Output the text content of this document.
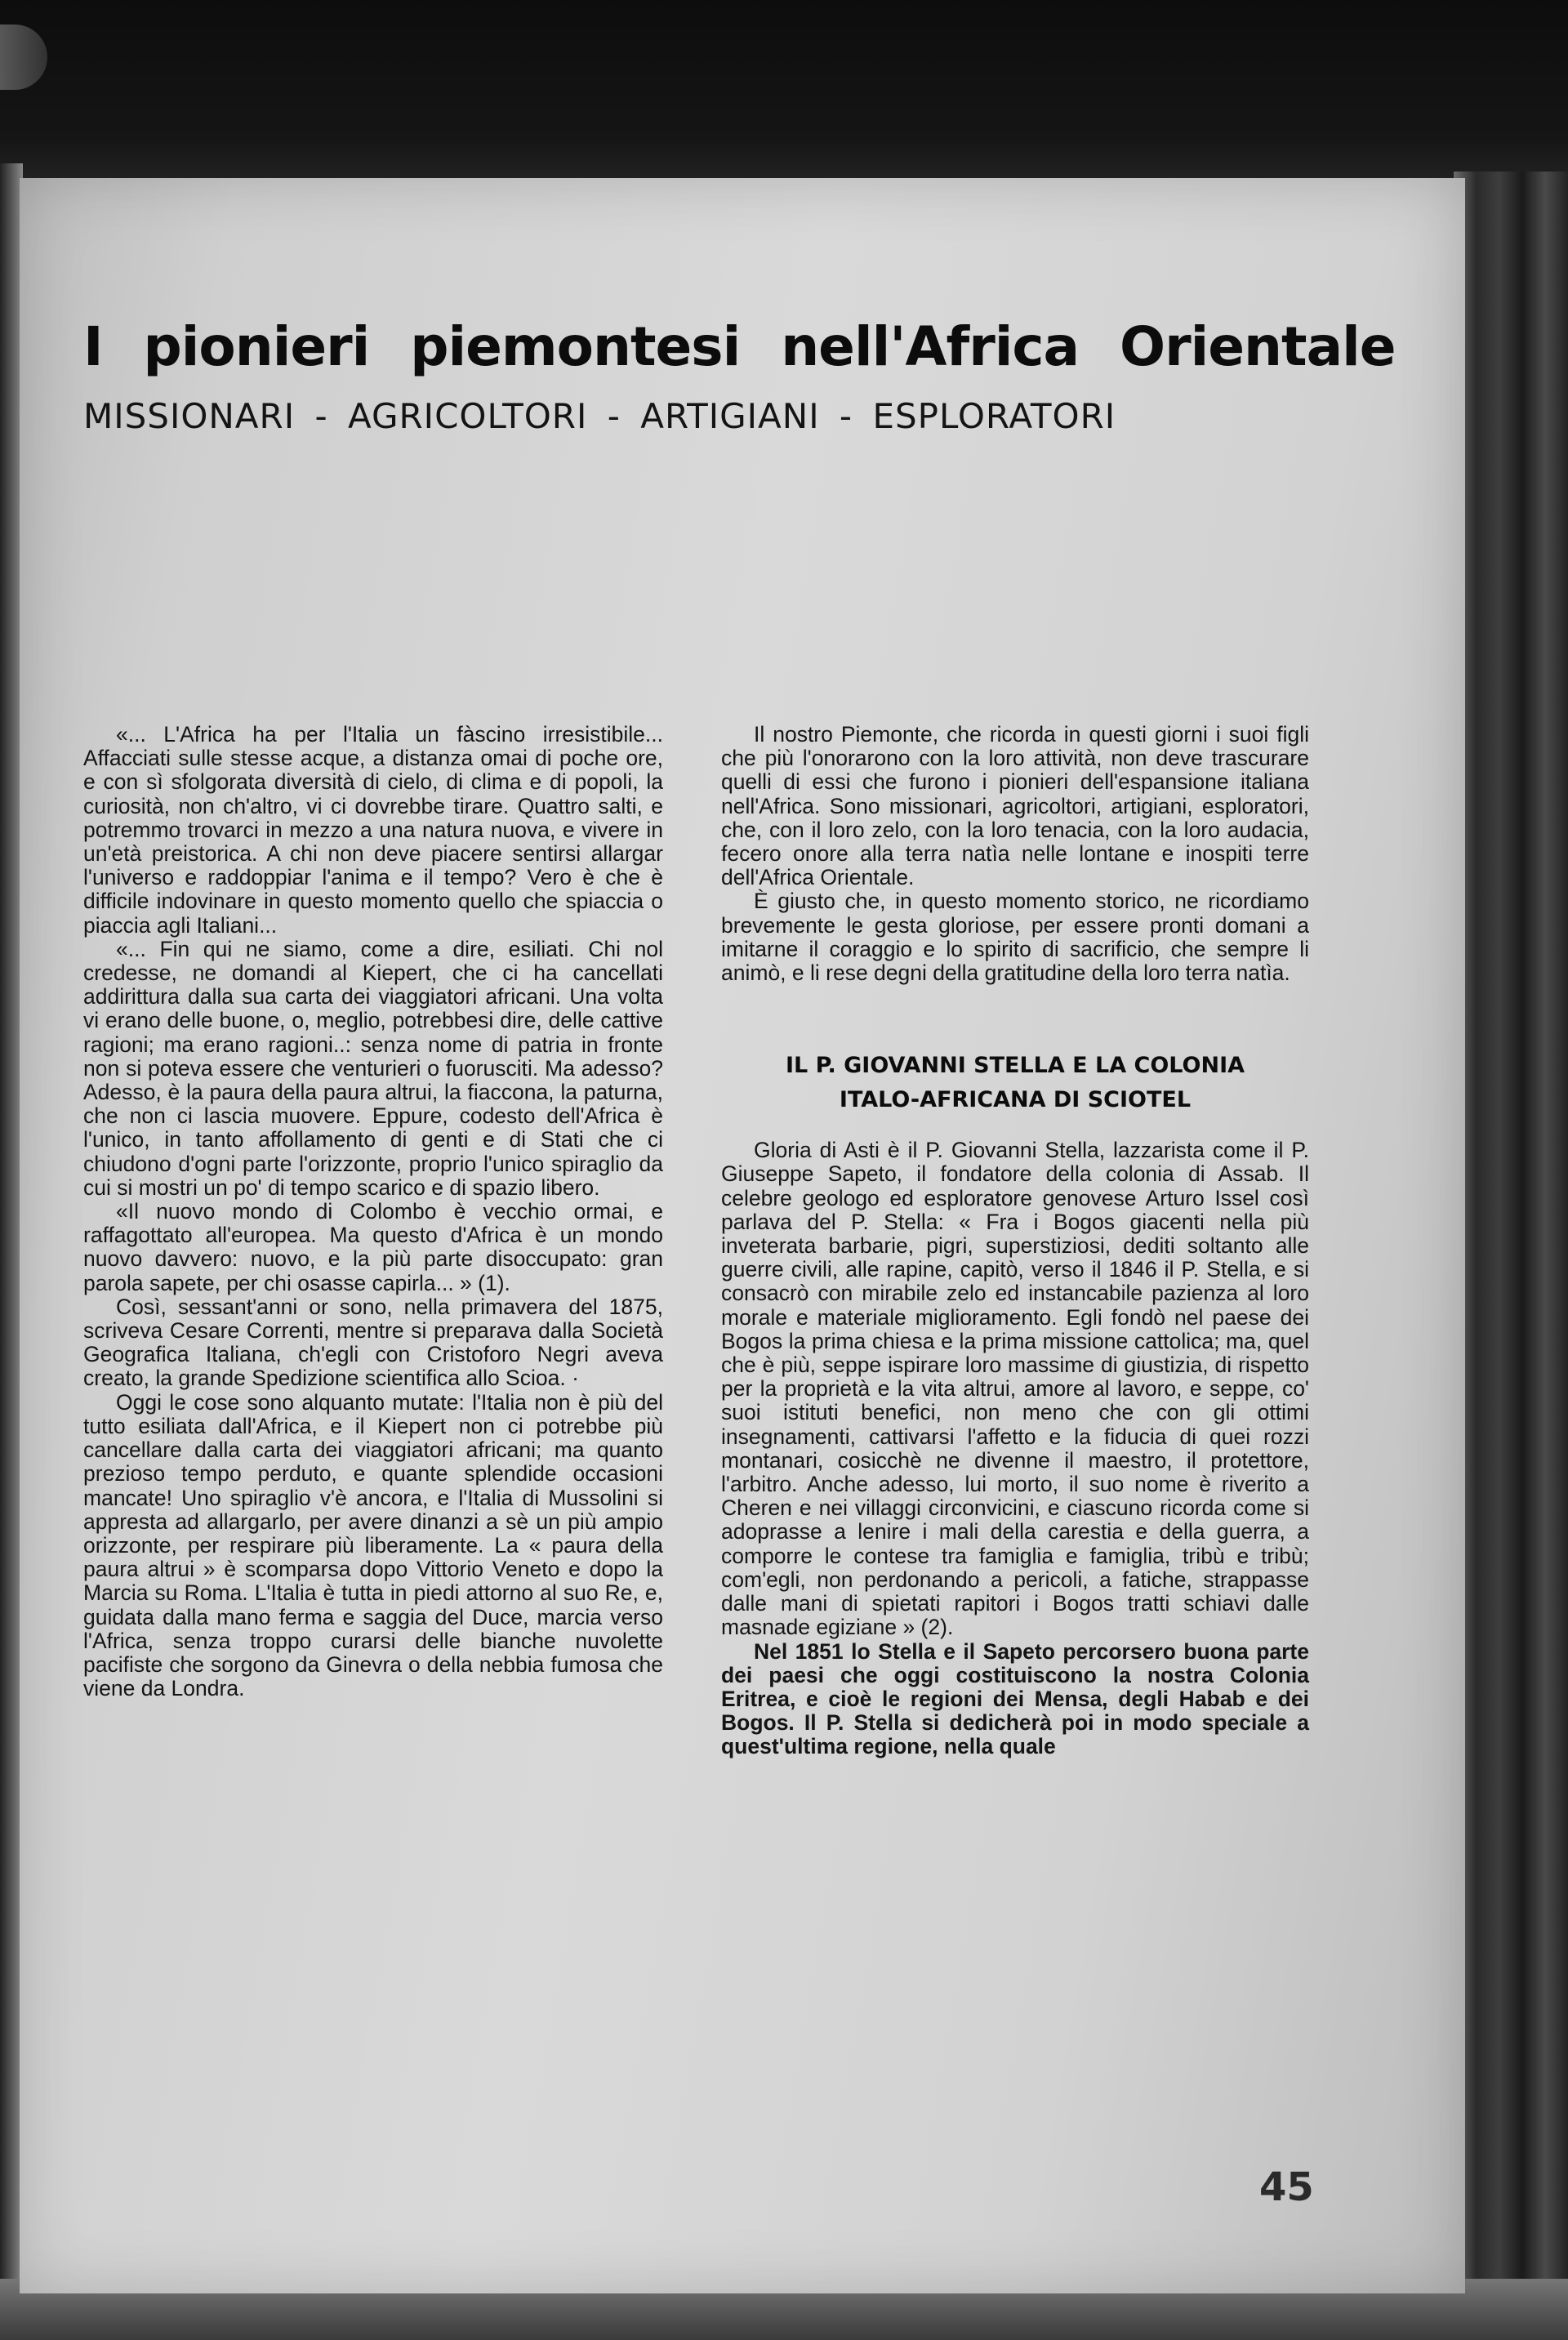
I pionieri piemontesi nell'Africa Orientale
MISSIONARI - AGRICOLTORI - ARTIGIANI - ESPLORATORI

«... L'Africa ha per l'Italia un fàscino irresistibile... Affacciati sulle stesse acque, a distanza omai di poche ore, e con sì sfolgorata diversità di cielo, di clima e di popoli, la curiosità, non ch'altro, vi ci dovrebbe tirare. Quattro salti, e potremmo trovarci in mezzo a una natura nuova, e vivere in un'età preistorica. A chi non deve piacere sentirsi allargar l'universo e raddoppiar l'anima e il tempo? Vero è che è difficile indovinare in questo momento quello che spiaccia o piaccia agli Italiani...

«... Fin qui ne siamo, come a dire, esiliati. Chi nol credesse, ne domandi al Kiepert, che ci ha cancellati addirittura dalla sua carta dei viaggiatori africani. Una volta vi erano delle buone, o, meglio, potrebbesi dire, delle cattive ragioni; ma erano ragioni..: senza nome di patria in fronte non si poteva essere che venturieri o fuorusciti. Ma adesso? Adesso, è la paura della paura altrui, la fiaccona, la paturna, che non ci lascia muovere. Eppure, codesto dell'Africa è l'unico, in tanto affollamento di genti e di Stati che ci chiudono d'ogni parte l'orizzonte, proprio l'unico spiraglio da cui si mostri un po' di tempo scarico e di spazio libero.

«Il nuovo mondo di Colombo è vecchio ormai, e raffagottato all'europea. Ma questo d'Africa è un mondo nuovo davvero: nuovo, e la più parte disoccupato: gran parola sapete, per chi osasse capirla... » (1).

Così, sessant'anni or sono, nella primavera del 1875, scriveva Cesare Correnti, mentre si preparava dalla Società Geografica Italiana, ch'egli con Cristoforo Negri aveva creato, la grande Spedizione scientifica allo Scioa. ·

Oggi le cose sono alquanto mutate: l'Italia non è più del tutto esiliata dall'Africa, e il Kiepert non ci potrebbe più cancellare dalla carta dei viaggiatori africani; ma quanto prezioso tempo perduto, e quante splendide occasioni mancate! Uno spiraglio v'è ancora, e l'Italia di Mussolini si appresta ad allargarlo, per avere dinanzi a sè un più ampio orizzonte, per respirare più liberamente. La « paura della paura altrui » è scomparsa dopo Vittorio Veneto e dopo la Marcia su Roma. L'Italia è tutta in piedi attorno al suo Re, e, guidata dalla mano ferma e saggia del Duce, marcia verso l'Africa, senza troppo curarsi delle bianche nuvolette pacifiste che sorgono da Ginevra o della nebbia fumosa che viene da Londra.

Il nostro Piemonte, che ricorda in questi giorni i suoi figli che più l'onorarono con la loro attività, non deve trascurare quelli di essi che furono i pionieri dell'espansione italiana nell'Africa. Sono missionari, agricoltori, artigiani, esploratori, che, con il loro zelo, con la loro tenacia, con la loro audacia, fecero onore alla terra natìa nelle lontane e inospiti terre dell'Africa Orientale.

È giusto che, in questo momento storico, ne ricordiamo brevemente le gesta gloriose, per essere pronti domani a imitarne il coraggio e lo spirito di sacrificio, che sempre li animò, e li rese degni della gratitudine della loro terra natìa.

IL P. GIOVANNI STELLA E LA COLONIA
ITALO-AFRICANA DI SCIOTEL

Gloria di Asti è il P. Giovanni Stella, lazzarista come il P. Giuseppe Sapeto, il fondatore della colonia di Assab. Il celebre geologo ed esploratore genovese Arturo Issel così parlava del P. Stella: « Fra i Bogos giacenti nella più inveterata barbarie, pigri, superstiziosi, dediti soltanto alle guerre civili, alle rapine, capitò, verso il 1846 il P. Stella, e si consacrò con mirabile zelo ed instancabile pazienza al loro morale e materiale miglioramento. Egli fondò nel paese dei Bogos la prima chiesa e la prima missione cattolica; ma, quel che è più, seppe ispirare loro massime di giustizia, di rispetto per la proprietà e la vita altrui, amore al lavoro, e seppe, co' suoi istituti benefici, non meno che con gli ottimi insegnamenti, cattivarsi l'affetto e la fiducia di quei rozzi montanari, cosicchè ne divenne il maestro, il protettore, l'arbitro. Anche adesso, lui morto, il suo nome è riverito a Cheren e nei villaggi circonvicini, e ciascuno ricorda come si adoprasse a lenire i mali della carestia e della guerra, a comporre le contese tra famiglia e famiglia, tribù e tribù; com'egli, non perdonando a pericoli, a fatiche, strappasse dalle mani di spietati rapitori i Bogos tratti schiavi dalle masnade egiziane » (2).

Nel 1851 lo Stella e il Sapeto percorsero buona parte dei paesi che oggi costituiscono la nostra Colonia Eritrea, e cioè le regioni dei Mensa, degli Habab e dei Bogos. Il P. Stella si dedicherà poi in modo speciale a quest'ultima regione, nella quale

45
